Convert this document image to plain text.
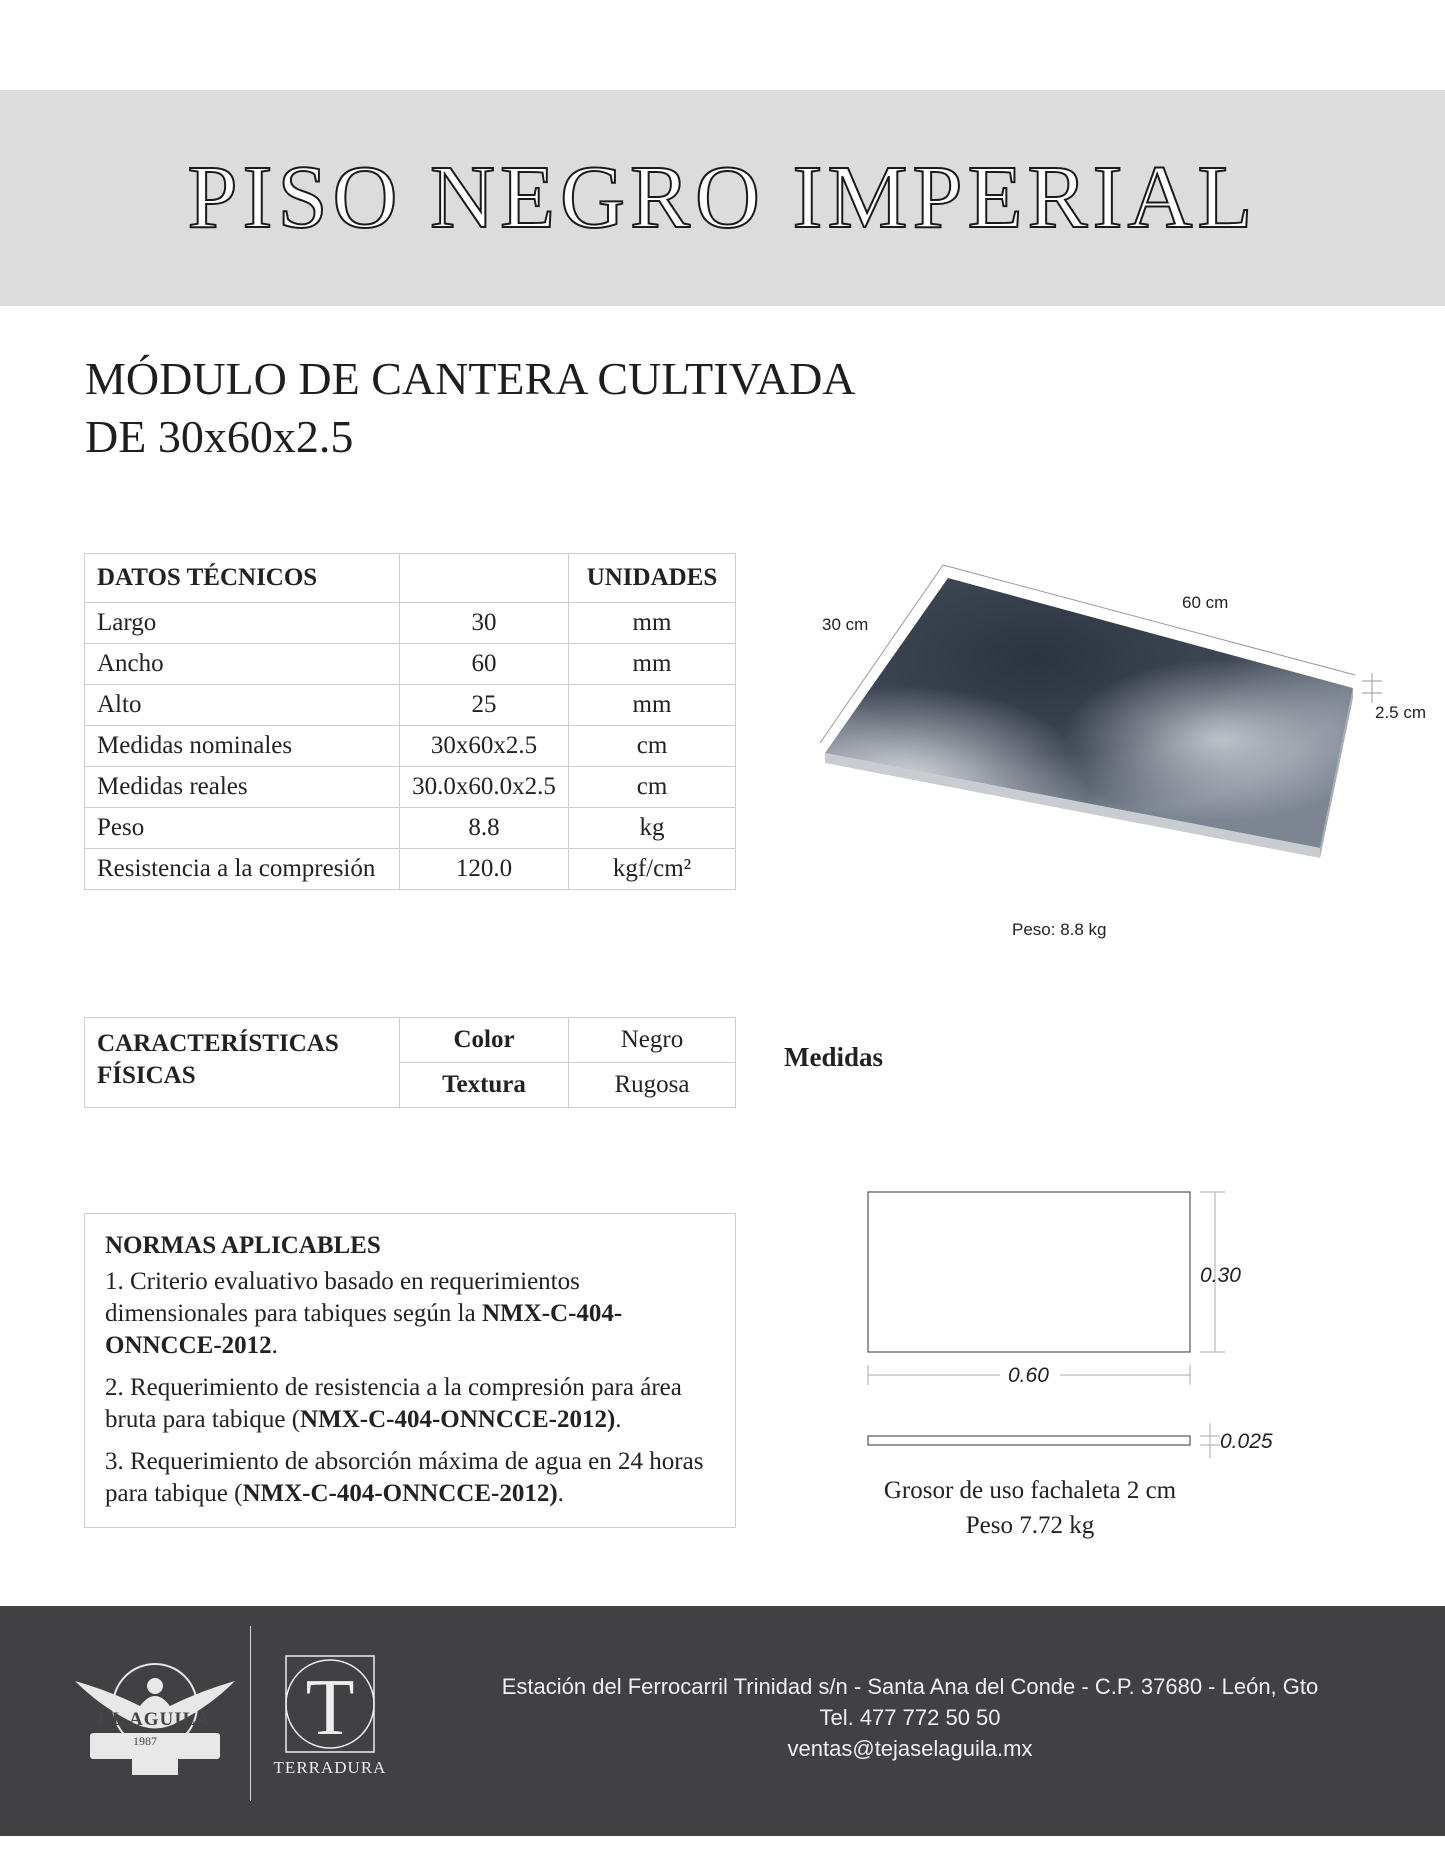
PISO NEGRO IMPERIAL
MÓDULO DE CANTERA CULTIVADA
DE 30x60x2.5
DATOS TÉCNICOS		UNIDADES
Largo	30	mm
Ancho	60	mm
Alto	25	mm
Medidas nominales	30x60x2.5	cm
Medidas reales	30.0x60.0x2.5	cm
Peso	8.8	kg
Resistencia a la compresión	120.0	kgf/cm²
60 cm
30 cm
2.5 cm
Peso: 8.8 kg
CARACTERÍSTICAS
FÍSICAS	Color	Negro
	Textura	Rugosa
Medidas
NORMAS APLICABLES

1. Criterio evaluativo basado en requerimientos dimensionales para tabiques según la NMX-C-404-ONNCCE-2012.

2. Requerimiento de resistencia a la compresión para área bruta para tabique (NMX-C-404-ONNCCE-2012).

3. Requerimiento de absorción máxima de agua en 24 horas para tabique (NMX-C-404-ONNCCE-2012).

0.30
0.60
0.025
Grosor de uso fachaleta 2 cm
Peso 7.72 kg
EL AGUILA
1987 T
TERRADURA
Estación del Ferrocarril Trinidad s/n - Santa Ana del Conde - C.P. 37680 - León, Gto
Tel. 477 772 50 50
ventas@tejaselaguila.mx
